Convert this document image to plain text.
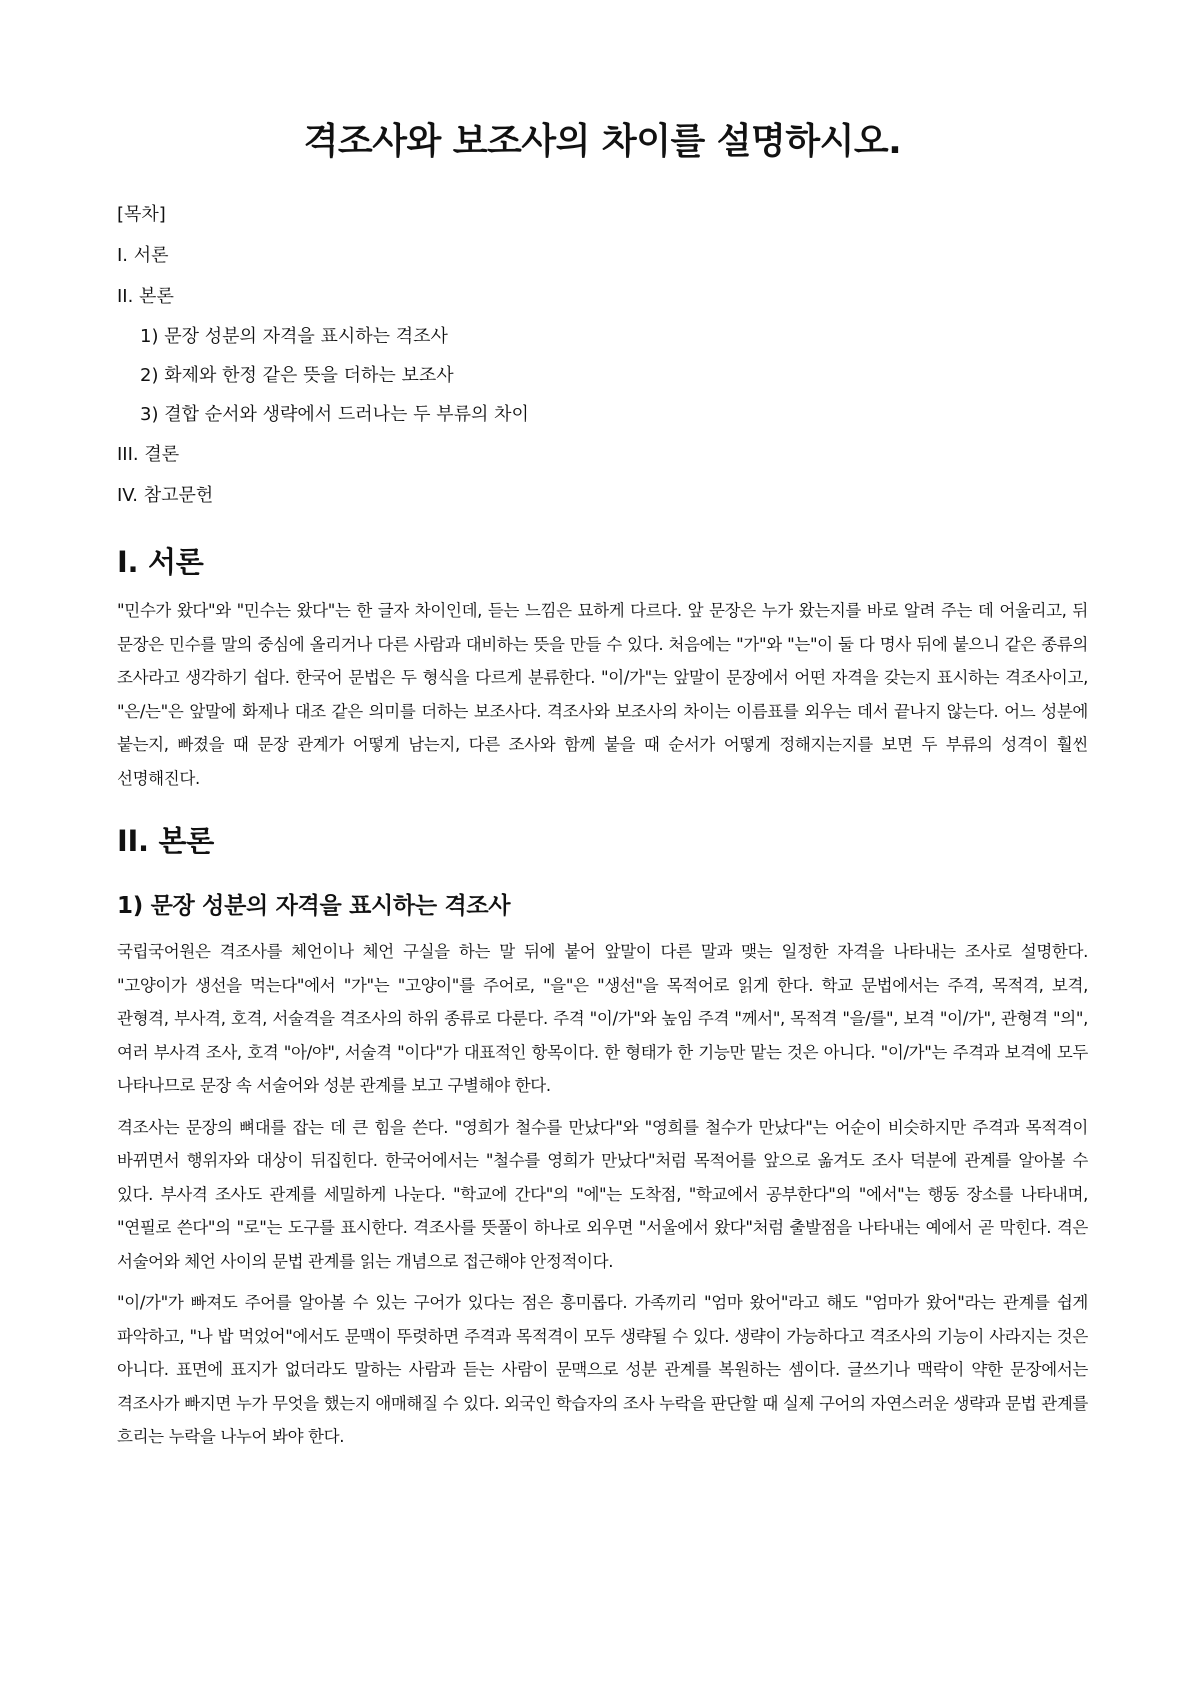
격조사와 보조사의 차이를 설명하시오.

[목차]

I. 서론

II. 본론

1) 문장 성분의 자격을 표시하는 격조사

2) 화제와 한정 같은 뜻을 더하는 보조사

3) 결합 순서와 생략에서 드러나는 두 부류의 차이

III. 결론

IV. 참고문헌

I. 서론

"민수가 왔다"와 "민수는 왔다"는 한 글자 차이인데, 듣는 느낌은 묘하게 다르다. 앞 문장은 누가 왔는지를 바로 알려 주는 데 어울리고, 뒤 문장은 민수를 말의 중심에 올리거나 다른 사람과 대비하는 뜻을 만들 수 있다. 처음에는 "가"와 "는"이 둘 다 명사 뒤에 붙으니 같은 종류의 조사라고 생각하기 쉽다. 한국어 문법은 두 형식을 다르게 분류한다. "이/가"는 앞말이 문장에서 어떤 자격을 갖는지 표시하는 격조사이고, "은/는"은 앞말에 화제나 대조 같은 의미를 더하는 보조사다. 격조사와 보조사의 차이는 이름표를 외우는 데서 끝나지 않는다. 어느 성분에 붙는지, 빠졌을 때 문장 관계가 어떻게 남는지, 다른 조사와 함께 붙을 때 순서가 어떻게 정해지는지를 보면 두 부류의 성격이 훨씬 선명해진다.

II. 본론
1) 문장 성분의 자격을 표시하는 격조사

국립국어원은 격조사를 체언이나 체언 구실을 하는 말 뒤에 붙어 앞말이 다른 말과 맺는 일정한 자격을 나타내는 조사로 설명한다. "고양이가 생선을 먹는다"에서 "가"는 "고양이"를 주어로, "을"은 "생선"을 목적어로 읽게 한다. 학교 문법에서는 주격, 목적격, 보격, 관형격, 부사격, 호격, 서술격을 격조사의 하위 종류로 다룬다. 주격 "이/가"와 높임 주격 "께서", 목적격 "을/를", 보격 "이/가", 관형격 "의", 여러 부사격 조사, 호격 "아/야", 서술격 "이다"가 대표적인 항목이다. 한 형태가 한 기능만 맡는 것은 아니다. "이/가"는 주격과 보격에 모두 나타나므로 문장 속 서술어와 성분 관계를 보고 구별해야 한다.

격조사는 문장의 뼈대를 잡는 데 큰 힘을 쓴다. "영희가 철수를 만났다"와 "영희를 철수가 만났다"는 어순이 비슷하지만 주격과 목적격이 바뀌면서 행위자와 대상이 뒤집힌다. 한국어에서는 "철수를 영희가 만났다"처럼 목적어를 앞으로 옮겨도 조사 덕분에 관계를 알아볼 수 있다. 부사격 조사도 관계를 세밀하게 나눈다. "학교에 간다"의 "에"는 도착점, "학교에서 공부한다"의 "에서"는 행동 장소를 나타내며, "연필로 쓴다"의 "로"는 도구를 표시한다. 격조사를 뜻풀이 하나로 외우면 "서울에서 왔다"처럼 출발점을 나타내는 예에서 곧 막힌다. 격은 서술어와 체언 사이의 문법 관계를 읽는 개념으로 접근해야 안정적이다.

"이/가"가 빠져도 주어를 알아볼 수 있는 구어가 있다는 점은 흥미롭다. 가족끼리 "엄마 왔어"라고 해도 "엄마가 왔어"라는 관계를 쉽게 파악하고, "나 밥 먹었어"에서도 문맥이 뚜렷하면 주격과 목적격이 모두 생략될 수 있다. 생략이 가능하다고 격조사의 기능이 사라지는 것은 아니다. 표면에 표지가 없더라도 말하는 사람과 듣는 사람이 문맥으로 성분 관계를 복원하는 셈이다. 글쓰기나 맥락이 약한 문장에서는 격조사가 빠지면 누가 무엇을 했는지 애매해질 수 있다. 외국인 학습자의 조사 누락을 판단할 때 실제 구어의 자연스러운 생략과 문법 관계를 흐리는 누락을 나누어 봐야 한다.
